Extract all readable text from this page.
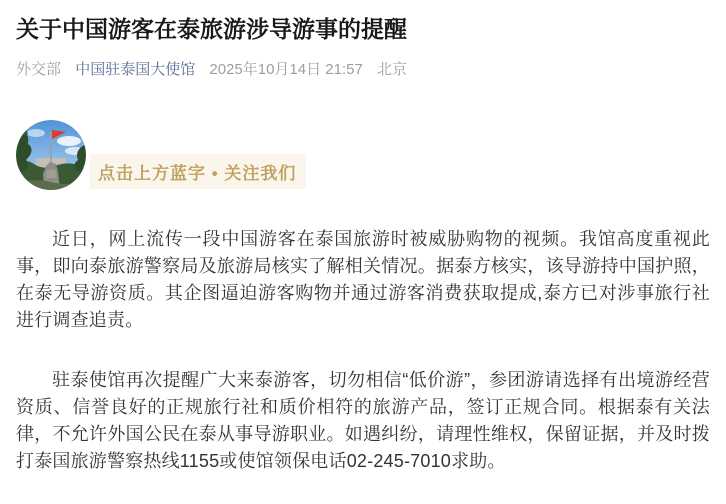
关于中国游客在泰旅游涉导游事的提醒
外交部 中国驻泰国大使馆 2025年10月14日 21:57 北京
点击上方蓝字 • 关注我们

近日，网上流传一段中国游客在泰国旅游时被威胁购物的视频。我馆高度重视此事，即向泰旅游警察局及旅游局核实了解相关情况。据泰方核实，该导游持中国护照，在泰无导游资质。其企图逼迫游客购物并通过游客消费获取提成,泰方已对涉事旅行社进行调查追责。

驻泰使馆再次提醒广大来泰游客，切勿相信“低价游”，参团游请选择有出境游经营资质、信誉良好的正规旅行社和质价相符的旅游产品，签订正规合同。根据泰有关法律，不允许外国公民在泰从事导游职业。如遇纠纷，请理性维权，保留证据，并及时拨打泰国旅游警察热线1155或使馆领保电话02-245-7010求助。
